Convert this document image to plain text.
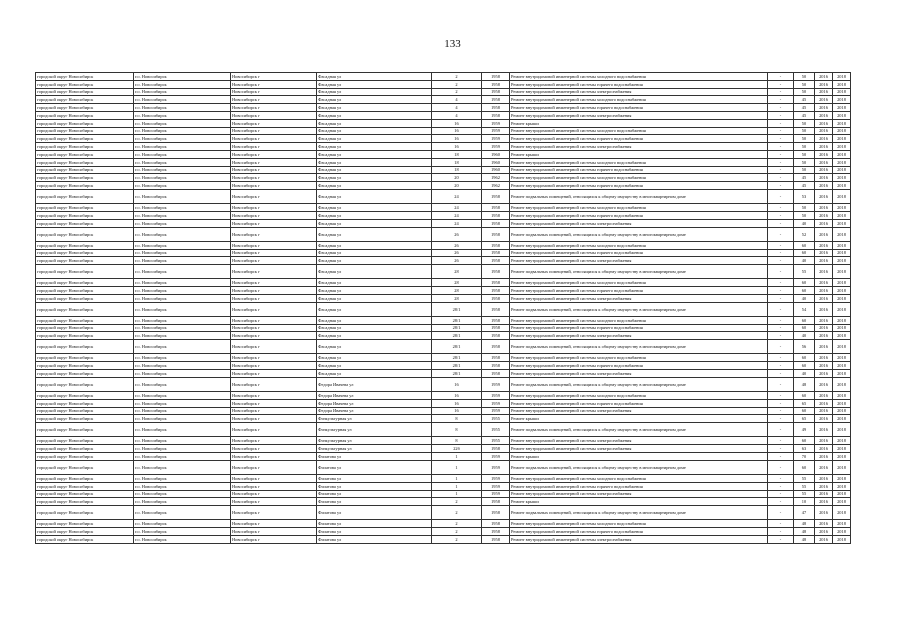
133
городской округ Новосибирск	г.о. Новосибирск	Новосибирск г	Фасадная ул	2	1958	Ремонт внутридомовой инженерной системы холодного водоснабжения	-	50	2016	2018
городской округ Новосибирск	г.о. Новосибирск	Новосибирск г	Фасадная ул	2	1958	Ремонт внутридомовой инженерной системы горячего водоснабжения	-	50	2016	2018
городской округ Новосибирск	г.о. Новосибирск	Новосибирск г	Фасадная ул	2	1958	Ремонт внутридомовой инженерной системы электроснабжения	-	50	2016	2018
городской округ Новосибирск	г.о. Новосибирск	Новосибирск г	Фасадная ул	4	1958	Ремонт внутридомовой инженерной системы холодного водоснабжения	-	45	2016	2018
городской округ Новосибирск	г.о. Новосибирск	Новосибирск г	Фасадная ул	4	1958	Ремонт внутридомовой инженерной системы горячего водоснабжения	-	45	2016	2018
городской округ Новосибирск	г.о. Новосибирск	Новосибирск г	Фасадная ул	4	1958	Ремонт внутридомовой инженерной системы электроснабжения	-	45	2016	2018
городской округ Новосибирск	г.о. Новосибирск	Новосибирск г	Фасадная ул	16	1959	Ремонт крыши	-	50	2016	2018
городской округ Новосибирск	г.о. Новосибирск	Новосибирск г	Фасадная ул	16	1959	Ремонт внутридомовой инженерной системы холодного водоснабжения	-	50	2016	2018
городской округ Новосибирск	г.о. Новосибирск	Новосибирск г	Фасадная ул	16	1959	Ремонт внутридомовой инженерной системы горячего водоснабжения	-	50	2016	2018
городской округ Новосибирск	г.о. Новосибирск	Новосибирск г	Фасадная ул	16	1959	Ремонт внутридомовой инженерной системы электроснабжения	-	50	2016	2018
городской округ Новосибирск	г.о. Новосибирск	Новосибирск г	Фасадная ул	18	1960	Ремонт крыши	-	50	2016	2018
городской округ Новосибирск	г.о. Новосибирск	Новосибирск г	Фасадная ул	18	1960	Ремонт внутридомовой инженерной системы холодного водоснабжения	-	50	2016	2018
городской округ Новосибирск	г.о. Новосибирск	Новосибирск г	Фасадная ул	18	1960	Ремонт внутридомовой инженерной системы горячего водоснабжения	-	50	2016	2018
городской округ Новосибирск	г.о. Новосибирск	Новосибирск г	Фасадная ул	20	1962	Ремонт внутридомовой инженерной системы холодного водоснабжения	-	45	2016	2018
городской округ Новосибирск	г.о. Новосибирск	Новосибирск г	Фасадная ул	20	1962	Ремонт внутридомовой инженерной системы горячего водоснабжения	-	45	2016	2018
городской округ Новосибирск	г.о. Новосибирск	Новосибирск г	Фасадная ул	24	1958	Ремонт подвальных помещений, относящихся к общему имуществу в многоквартирном доме	-	53	2016	2018
городской округ Новосибирск	г.о. Новосибирск	Новосибирск г	Фасадная ул	24	1958	Ремонт внутридомовой инженерной системы холодного водоснабжения	-	50	2016	2018
городской округ Новосибирск	г.о. Новосибирск	Новосибирск г	Фасадная ул	24	1958	Ремонт внутридомовой инженерной системы горячего водоснабжения	-	50	2016	2018
городской округ Новосибирск	г.о. Новосибирск	Новосибирск г	Фасадная ул	24	1958	Ремонт внутридомовой инженерной системы электроснабжения	-	40	2016	2018
городской округ Новосибирск	г.о. Новосибирск	Новосибирск г	Фасадная ул	26	1958	Ремонт подвальных помещений, относящихся к общему имуществу в многоквартирном доме	-	52	2016	2018
городской округ Новосибирск	г.о. Новосибирск	Новосибирск г	Фасадная ул	26	1958	Ремонт внутридомовой инженерной системы холодного водоснабжения	-	60	2016	2018
городской округ Новосибирск	г.о. Новосибирск	Новосибирск г	Фасадная ул	26	1958	Ремонт внутридомовой инженерной системы горячего водоснабжения	-	60	2016	2018
городской округ Новосибирск	г.о. Новосибирск	Новосибирск г	Фасадная ул	26	1958	Ремонт внутридомовой инженерной системы электроснабжения	-	40	2016	2018
городской округ Новосибирск	г.о. Новосибирск	Новосибирск г	Фасадная ул	28	1958	Ремонт подвальных помещений, относящихся к общему имуществу в многоквартирном доме	-	55	2016	2018
городской округ Новосибирск	г.о. Новосибирск	Новосибирск г	Фасадная ул	28	1958	Ремонт внутридомовой инженерной системы холодного водоснабжения	-	60	2016	2018
городской округ Новосибирск	г.о. Новосибирск	Новосибирск г	Фасадная ул	28	1958	Ремонт внутридомовой инженерной системы горячего водоснабжения	-	60	2016	2018
городской округ Новосибирск	г.о. Новосибирск	Новосибирск г	Фасадная ул	28	1958	Ремонт внутридомовой инженерной системы электроснабжения	-	40	2016	2018
городской округ Новосибирск	г.о. Новосибирск	Новосибирск г	Фасадная ул	28/1	1958	Ремонт подвальных помещений, относящихся к общему имуществу в многоквартирном доме	-	54	2016	2018
городской округ Новосибирск	г.о. Новосибирск	Новосибирск г	Фасадная ул	28/1	1958	Ремонт внутридомовой инженерной системы холодного водоснабжения	-	60	2016	2018
городской округ Новосибирск	г.о. Новосибирск	Новосибирск г	Фасадная ул	28/1	1958	Ремонт внутридомовой инженерной системы горячего водоснабжения	-	60	2016	2018
городской округ Новосибирск	г.о. Новосибирск	Новосибирск г	Фасадная ул	28/1	1958	Ремонт внутридомовой инженерной системы электроснабжения	-	40	2016	2018
городской округ Новосибирск	г.о. Новосибирск	Новосибирск г	Фасадная ул	28/1	1958	Ремонт подвальных помещений, относящихся к общему имуществу в многоквартирном доме	-	56	2016	2018
городской округ Новосибирск	г.о. Новосибирск	Новосибирск г	Фасадная ул	28/1	1958	Ремонт внутридомовой инженерной системы холодного водоснабжения	-	60	2016	2018
городской округ Новосибирск	г.о. Новосибирск	Новосибирск г	Фасадная ул	28/1	1958	Ремонт внутридомовой инженерной системы горячего водоснабжения	-	60	2016	2018
городской округ Новосибирск	г.о. Новосибирск	Новосибирск г	Фасадная ул	28/1	1958	Ремонт внутридомовой инженерной системы электроснабжения	-	40	2016	2018
городской округ Новосибирск	г.о. Новосибирск	Новосибирск г	Федора Ивачева ул	16	1959	Ремонт подвальных помещений, относящихся к общему имуществу в многоквартирном доме	-	48	2016	2018
городской округ Новосибирск	г.о. Новосибирск	Новосибирск г	Федора Ивачева ул	16	1959	Ремонт внутридомовой инженерной системы холодного водоснабжения	-	60	2016	2018
городской округ Новосибирск	г.о. Новосибирск	Новосибирск г	Федора Ивачева ул	16	1959	Ремонт внутридомовой инженерной системы горячего водоснабжения	-	65	2016	2018
городской округ Новосибирск	г.о. Новосибирск	Новосибирск г	Федора Ивачева ул	16	1959	Ремонт внутридомовой инженерной системы электроснабжения	-	60	2016	2018
городской округ Новосибирск	г.о. Новосибирск	Новосибирск г	Физкультурная ул	8	1955	Ремонт крыши	-	65	2016	2018
городской округ Новосибирск	г.о. Новосибирск	Новосибирск г	Физкультурная ул	8	1955	Ремонт подвальных помещений, относящихся к общему имуществу в многоквартирном доме	-	49	2016	2018
городской округ Новосибирск	г.о. Новосибирск	Новосибирск г	Физкультурная ул	8	1955	Ремонт внутридомовой инженерной системы электроснабжения	-	60	2016	2018
городской округ Новосибирск	г.о. Новосибирск	Новосибирск г	Физкультурная ул	22б	1958	Ремонт внутридомовой инженерной системы электроснабжения	-	63	2016	2018
городской округ Новосибирск	г.о. Новосибирск	Новосибирск г	Филатова ул	1	1959	Ремонт крыши	-	70	2016	2018
городской округ Новосибирск	г.о. Новосибирск	Новосибирск г	Филатова ул	1	1959	Ремонт подвальных помещений, относящихся к общему имуществу в многоквартирном доме	-	60	2016	2018
городской округ Новосибирск	г.о. Новосибирск	Новосибирск г	Филатова ул	1	1959	Ремонт внутридомовой инженерной системы холодного водоснабжения	-	55	2016	2018
городской округ Новосибирск	г.о. Новосибирск	Новосибирск г	Филатова ул	1	1959	Ремонт внутридомовой инженерной системы горячего водоснабжения	-	55	2016	2018
городской округ Новосибирск	г.о. Новосибирск	Новосибирск г	Филатова ул	1	1959	Ремонт внутридомовой инженерной системы электроснабжения	-	55	2016	2018
городской округ Новосибирск	г.о. Новосибирск	Новосибирск г	Филатова ул	2	1958	Ремонт крыши	-	10	2016	2018
городской округ Новосибирск	г.о. Новосибирск	Новосибирск г	Филатова ул	2	1958	Ремонт подвальных помещений, относящихся к общему имуществу в многоквартирном доме	-	47	2016	2018
городской округ Новосибирск	г.о. Новосибирск	Новосибирск г	Филатова ул	2	1958	Ремонт внутридомовой инженерной системы холодного водоснабжения	-	48	2016	2018
городской округ Новосибирск	г.о. Новосибирск	Новосибирск г	Филатова ул	2	1958	Ремонт внутридомовой инженерной системы горячего водоснабжения	-	48	2016	2018
городской округ Новосибирск	г.о. Новосибирск	Новосибирск г	Филатова ул	2	1958	Ремонт внутридомовой инженерной системы электроснабжения	-	48	2016	2018
